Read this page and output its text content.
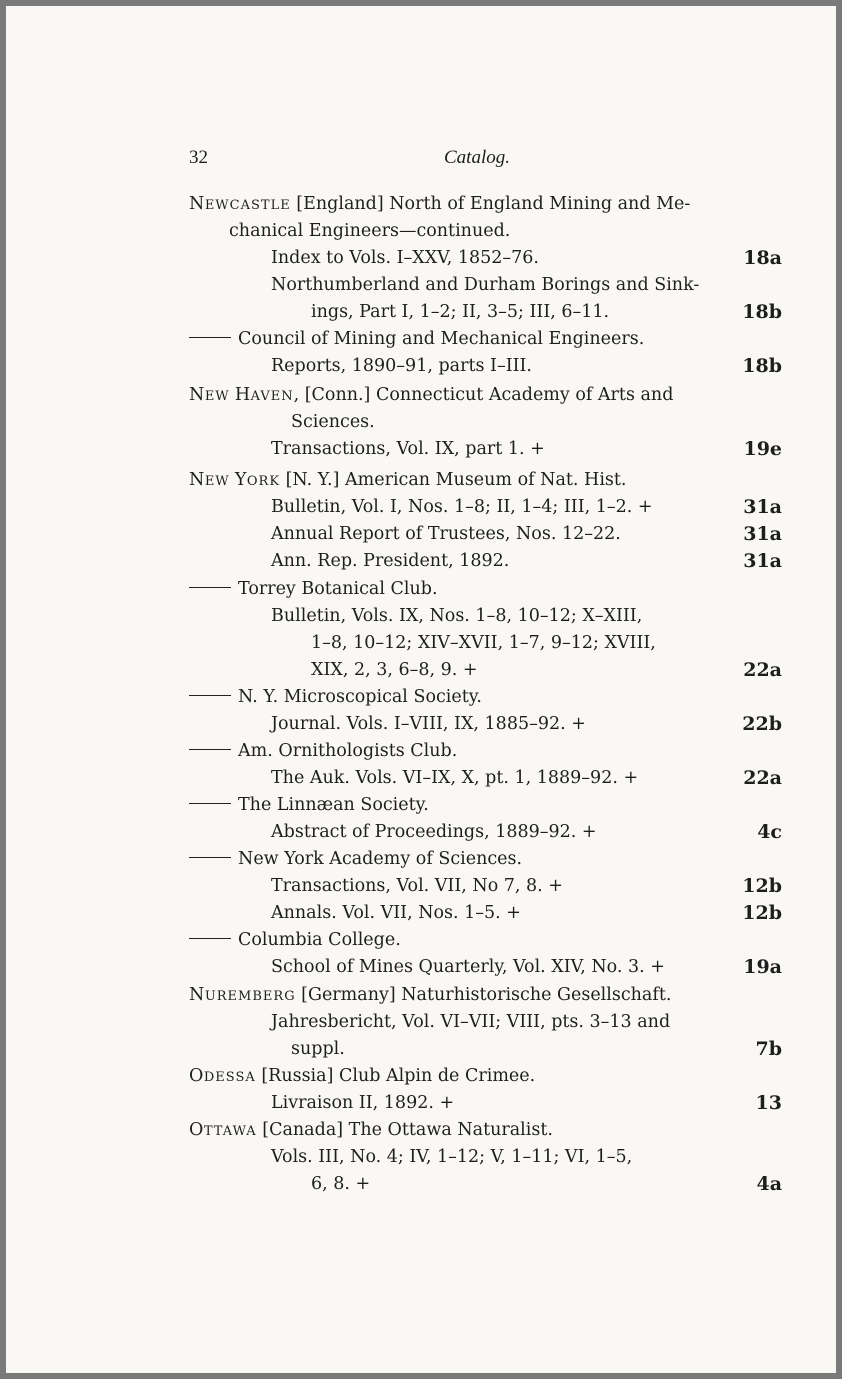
32	Catalog.
NEWCASTLE [England] North of England Mining and Me-
chanical Engineers—continued.
Index to Vols. I–XXV, 1852–76.	18a
Northumberland and Durham Borings and Sink-
ings, Part I, 1–2; II, 3–5; III, 6–11.	18b
Council of Mining and Mechanical Engineers.
Reports, 1890–91, parts I–III.	18b
NEW HAVEN, [Conn.] Connecticut Academy of Arts and
Sciences.
Transactions, Vol. IX, part 1. +	19e
NEW YORK [N. Y.] American Museum of Nat. Hist.
Bulletin, Vol. I, Nos. 1–8; II, 1–4; III, 1–2. +	31a
Annual Report of Trustees, Nos. 12–22.	31a
Ann. Rep. President, 1892.	31a
Torrey Botanical Club.
Bulletin, Vols. IX, Nos. 1–8, 10–12; X–XIII,
1–8, 10–12; XIV–XVII, 1–7, 9–12; XVIII,
XIX, 2, 3, 6–8, 9. +	22a
N. Y. Microscopical Society.
Journal. Vols. I–VIII, IX, 1885–92. +	22b
Am. Ornithologists Club.
The Auk. Vols. VI–IX, X, pt. 1, 1889–92. +	22a
The Linnæan Society.
Abstract of Proceedings, 1889–92. +	4c
New York Academy of Sciences.
Transactions, Vol. VII, No 7, 8. +	12b
Annals. Vol. VII, Nos. 1–5. +	12b
Columbia College.
School of Mines Quarterly, Vol. XIV, No. 3. +	19a
NUREMBERG [Germany] Naturhistorische Gesellschaft.
Jahresbericht, Vol. VI–VII; VIII, pts. 3–13 and
suppl.	7b
ODESSA [Russia] Club Alpin de Crimee.
Livraison II, 1892. +	13
OTTAWA [Canada] The Ottawa Naturalist.
Vols. III, No. 4; IV, 1–12; V, 1–11; VI, 1–5,
6, 8. +	4a
